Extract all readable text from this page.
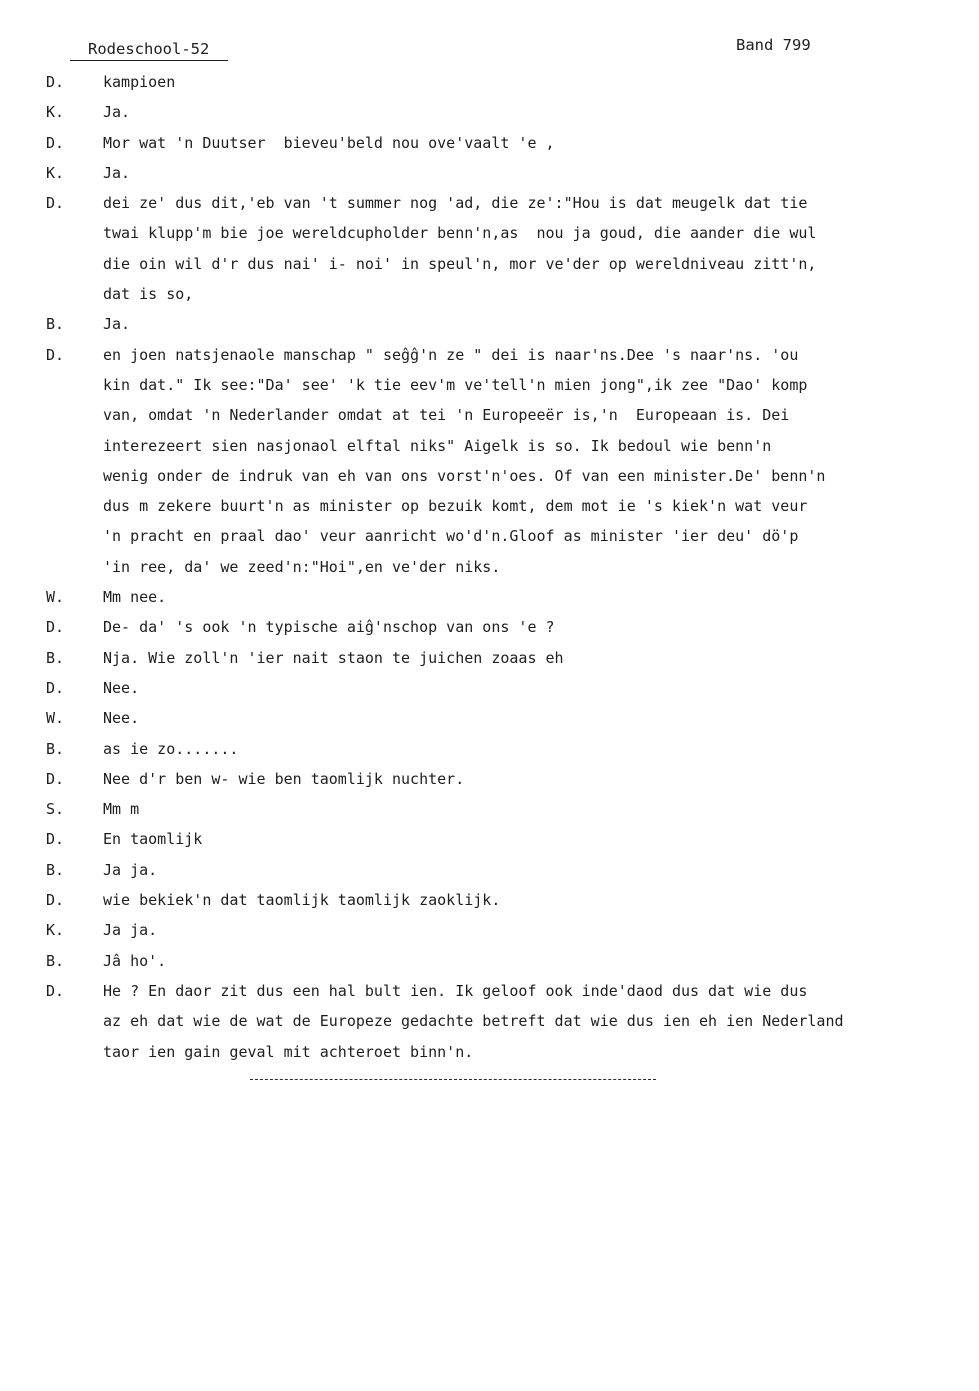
Rodeschool-52	Band 799
D.	kampioen
K.	Ja.
D.	Mor wat 'n Duutser  bieveu'beld nou ove'vaalt 'e ,
K.	Ja.
D.	dei ze' dus dit,'eb van 't summer nog 'ad, die ze':"Hou is dat meugelk dat tie
twai klupp'm bie joe wereldcupholder benn'n,as  nou ja goud, die aander die wul
die oin wil d'r dus nai' i- noi' in speul'n, mor ve'der op wereldniveau zitt'n,
dat is so,
B.	Ja.
D.	en joen natsjenaole manschap " seĝĝ'n ze " dei is naar'ns.Dee 's naar'ns. 'ou
kin dat." Ik see:"Da' see' 'k tie eev'm ve'tell'n mien jong",ik zee "Dao' komp
van, omdat 'n Nederlander omdat at tei 'n Europeeër is,'n  Europeaan is. Dei
interezeert sien nasjonaol elftal niks" Aigelk is so. Ik bedoul wie benn'n
wenig onder de indruk van eh van ons vorst'n'oes. Of van een minister.De' benn'n
dus m zekere buurt'n as minister op bezuik komt, dem mot ie 's kiek'n wat veur
'n pracht en praal dao' veur aanricht wo'd'n.Gloof as minister 'ier deu' dö'p
'in ree, da' we zeed'n:"Hoi",en ve'der niks.
W.	Mm nee.
D.	De- da' 's ook 'n typische aiĝ'nschop van ons 'e ?
B.	Nja. Wie zoll'n 'ier nait staon te juichen zoaas eh
D.	Nee.
W.	Nee.
B.	as ie zo.......
D.	Nee d'r ben w- wie ben taomlijk nuchter.
S.	Mm m
D.	En taomlijk
B.	Ja ja.
D.	wie bekiek'n dat taomlijk taomlijk zaoklijk.
K.	Ja ja.
B.	Jâ ho'.
D.	He ? En daor zit dus een hal bult ien. Ik geloof ook inde'daod dus dat wie dus
az eh dat wie de wat de Europeze gedachte betreft dat wie dus ien eh ien Nederland
taor ien gain geval mit achteroet binn'n.
